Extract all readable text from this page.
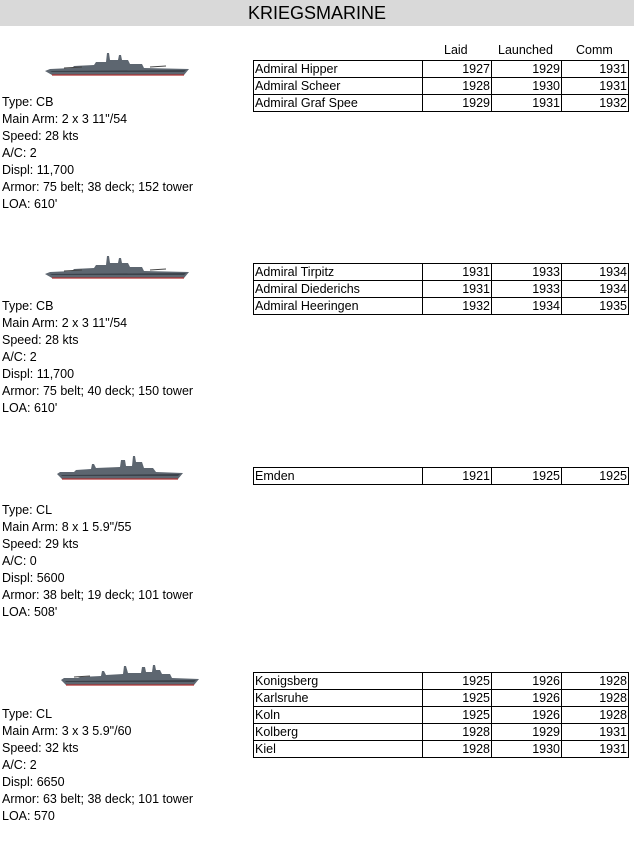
KRIEGSMARINE
Laid Launched Comm
Type: CB
Main Arm: 2 x 3 11"/54
Speed: 28 kts
A/C: 2
Displ: 11,700
Armor: 75 belt; 38 deck; 152 tower
LOA: 610'
Admiral Hipper	1927	1929	1931
Admiral Scheer	1928	1930	1931
Admiral Graf Spee	1929	1931	1932
Type: CB
Main Arm: 2 x 3 11"/54
Speed: 28 kts
A/C: 2
Displ: 11,700
Armor: 75 belt; 40 deck; 150 tower
LOA: 610'
Admiral Tirpitz	1931	1933	1934
Admiral Diederichs	1931	1933	1934
Admiral Heeringen	1932	1934	1935
Type: CL
Main Arm: 8 x 1 5.9"/55
Speed: 29 kts
A/C: 0
Displ: 5600
Armor: 38 belt; 19 deck; 101 tower
LOA: 508'
Emden	1921	1925	1925
Type: CL
Main Arm: 3 x 3 5.9"/60
Speed: 32 kts
A/C: 2
Displ: 6650
Armor: 63 belt; 38 deck; 101 tower
LOA: 570
Konigsberg	1925	1926	1928
Karlsruhe	1925	1926	1928
Koln	1925	1926	1928
Kolberg	1928	1929	1931
Kiel	1928	1930	1931
